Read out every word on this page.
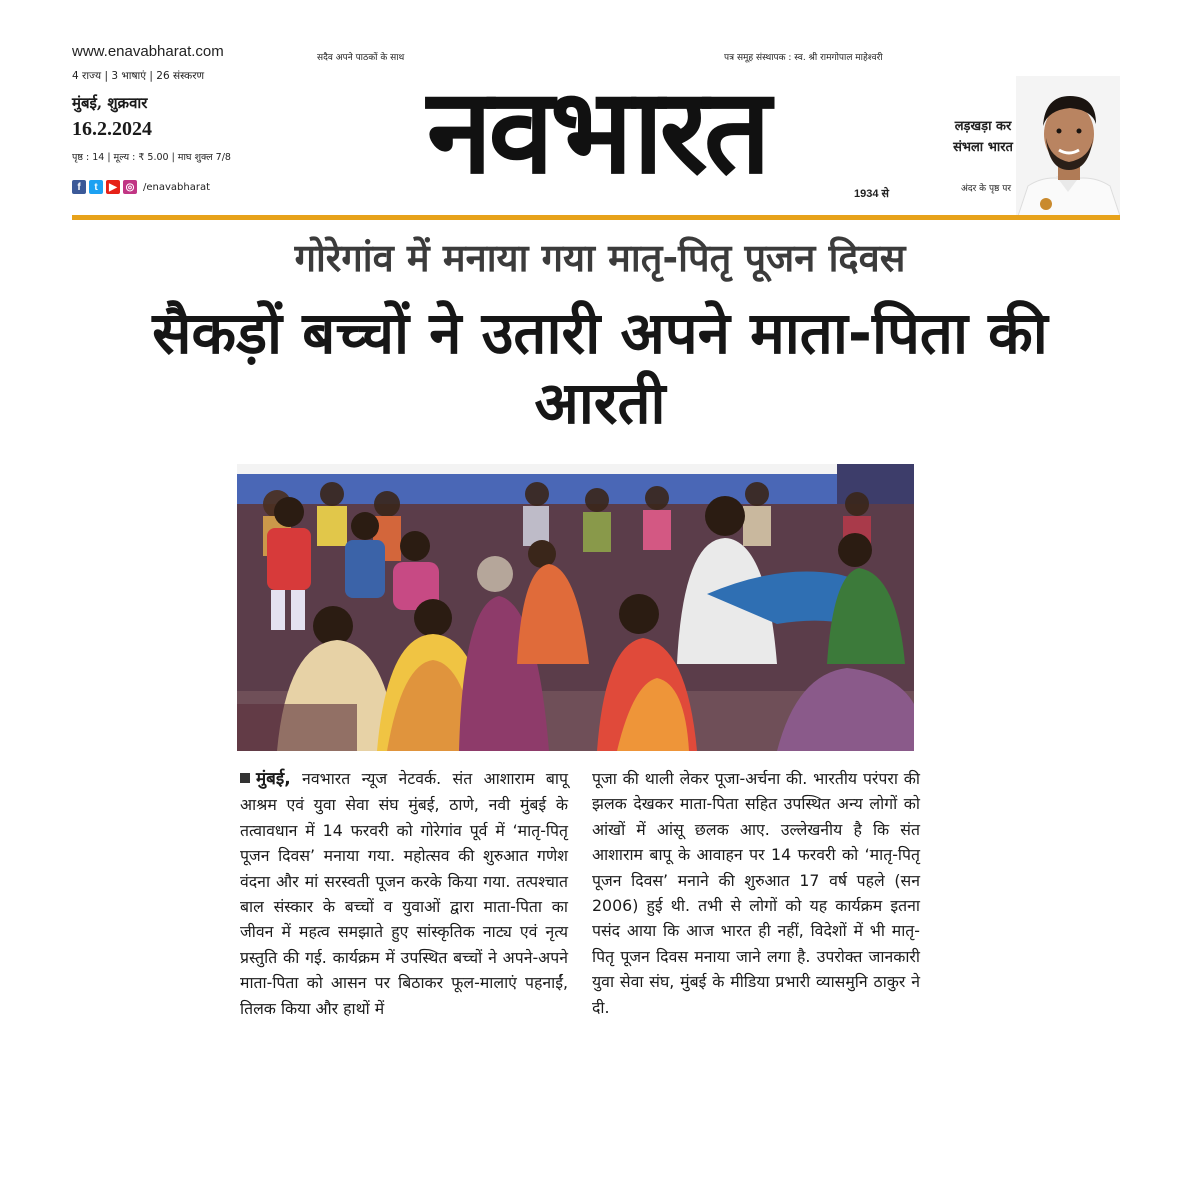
www.enavabharat.com
4 राज्य | 3 भाषाएं | 26 संस्करण
मुंबई, शुक्रवार
16.2.2024
पृष्ठ : 14 | मूल्य : ₹ 5.00 | माघ शुक्ल 7/8
f	t	▶ ◎ /enavabharat
सदैव अपने पाठकों के साथ	पत्र समूह संस्थापक : स्व. श्री रामगोपाल माहेश्वरी
नवभारत	1934 से
लड़खड़ा कर संभला भारत
अंदर के पृष्ठ पर
गोरेगांव में मनाया गया मातृ-पितृ पूजन दिवस
सैकड़ों बच्चों ने उतारी अपने माता-पिता की आरती
मुंबई, नवभारत न्यूज नेटवर्क. संत आशाराम बापू आश्रम एवं युवा सेवा संघ मुंबई, ठाणे, नवी मुंबई के तत्वावधान में 14 फरवरी को गोरेगांव पूर्व में ‘मातृ-पितृ पूजन दिवस’ मनाया गया. महोत्सव की शुरुआत गणेश वंदना और मां सरस्वती पूजन करके किया गया. तत्पश्चात बाल संस्कार के बच्चों व युवाओं द्वारा माता-पिता का जीवन में महत्व समझाते हुए सांस्कृतिक नाट्य एवं नृत्य प्रस्तुति की गई. कार्यक्रम में उपस्थित बच्चों ने अपने-अपने माता-पिता को आसन पर बिठाकर फूल-मालाएं पहनाईं, तिलक किया और हाथों में
पूजा की थाली लेकर पूजा-अर्चना की. भारतीय परंपरा की झलक देखकर माता-पिता सहित उपस्थित अन्य लोगों को आंखों में आंसू छलक आए. उल्लेखनीय है कि संत आशाराम बापू के आवाहन पर 14 फरवरी को ‘मातृ-पितृ पूजन दिवस’ मनाने की शुरुआत 17 वर्ष पहले (सन 2006) हुई थी. तभी से लोगों को यह कार्यक्रम इतना पसंद आया कि आज भारत ही नहीं, विदेशों में भी मातृ-पितृ पूजन दिवस मनाया जाने लगा है. उपरोक्त जानकारी युवा सेवा संघ, मुंबई के मीडिया प्रभारी व्यासमुनि ठाकुर ने दी.
